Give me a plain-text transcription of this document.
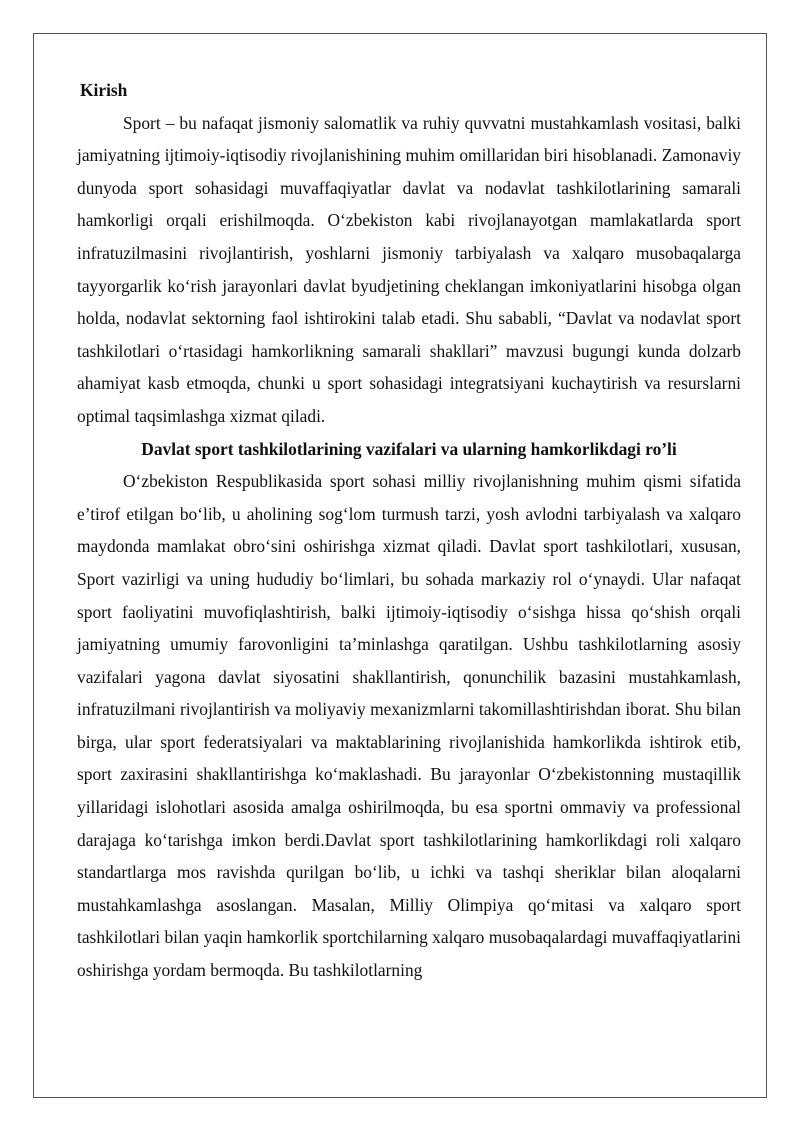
Kirish

Sport – bu nafaqat jismoniy salomatlik va ruhiy quvvatni mustahkamlash vositasi, balki jamiyatning ijtimoiy-iqtisodiy rivojlanishining muhim omillaridan biri hisoblanadi. Zamonaviy dunyoda sport sohasidagi muvaffaqiyatlar davlat va nodavlat tashkilotlarining samarali hamkorligi orqali erishilmoqda. O‘zbekiston kabi rivojlanayotgan mamlakatlarda sport infratuzilmasini rivojlantirish, yoshlarni jismoniy tarbiyalash va xalqaro musobaqalarga tayyorgarlik ko‘rish jarayonlari davlat byudjetining cheklangan imkoniyatlarini hisobga olgan holda, nodavlat sektorning faol ishtirokini talab etadi. Shu sababli, “Davlat va nodavlat sport tashkilotlari o‘rtasidagi hamkorlikning samarali shakllari” mavzusi bugungi kunda dolzarb ahamiyat kasb etmoqda, chunki u sport sohasidagi integratsiyani kuchaytirish va resurslarni optimal taqsimlashga xizmat qiladi.

Davlat sport tashkilotlarining vazifalari va ularning hamkorlikdagi ro’li

O‘zbekiston Respublikasida sport sohasi milliy rivojlanishning muhim qismi sifatida e’tirof etilgan bo‘lib, u aholining sog‘lom turmush tarzi, yosh avlodni tarbiyalash va xalqaro maydonda mamlakat obro‘sini oshirishga xizmat qiladi. Davlat sport tashkilotlari, xususan, Sport vazirligi va uning hududiy bo‘limlari, bu sohada markaziy rol o‘ynaydi. Ular nafaqat sport faoliyatini muvofiqlashtirish, balki ijtimoiy-iqtisodiy o‘sishga hissa qo‘shish orqali jamiyatning umumiy farovonligini ta’minlashga qaratilgan. Ushbu tashkilotlarning asosiy vazifalari yagona davlat siyosatini shakllantirish, qonunchilik bazasini mustahkamlash, infratuzilmani rivojlantirish va moliyaviy mexanizmlarni takomillashtirishdan iborat. Shu bilan birga, ular sport federatsiyalari va maktablarining rivojlanishida hamkorlikda ishtirok etib, sport zaxirasini shakllantirishga ko‘maklashadi. Bu jarayonlar O‘zbekistonning mustaqillik yillaridagi islohotlari asosida amalga oshirilmoqda, bu esa sportni ommaviy va professional darajaga ko‘tarishga imkon berdi.Davlat sport tashkilotlarining hamkorlikdagi roli xalqaro standartlarga mos ravishda qurilgan bo‘lib, u ichki va tashqi sheriklar bilan aloqalarni mustahkamlashga asoslangan. Masalan, Milliy Olimpiya qo‘mitasi va xalqaro sport tashkilotlari bilan yaqin hamkorlik sportchilarning xalqaro musobaqalardagi muvaffaqiyatlarini oshirishga yordam bermoqda. Bu tashkilotlarning
